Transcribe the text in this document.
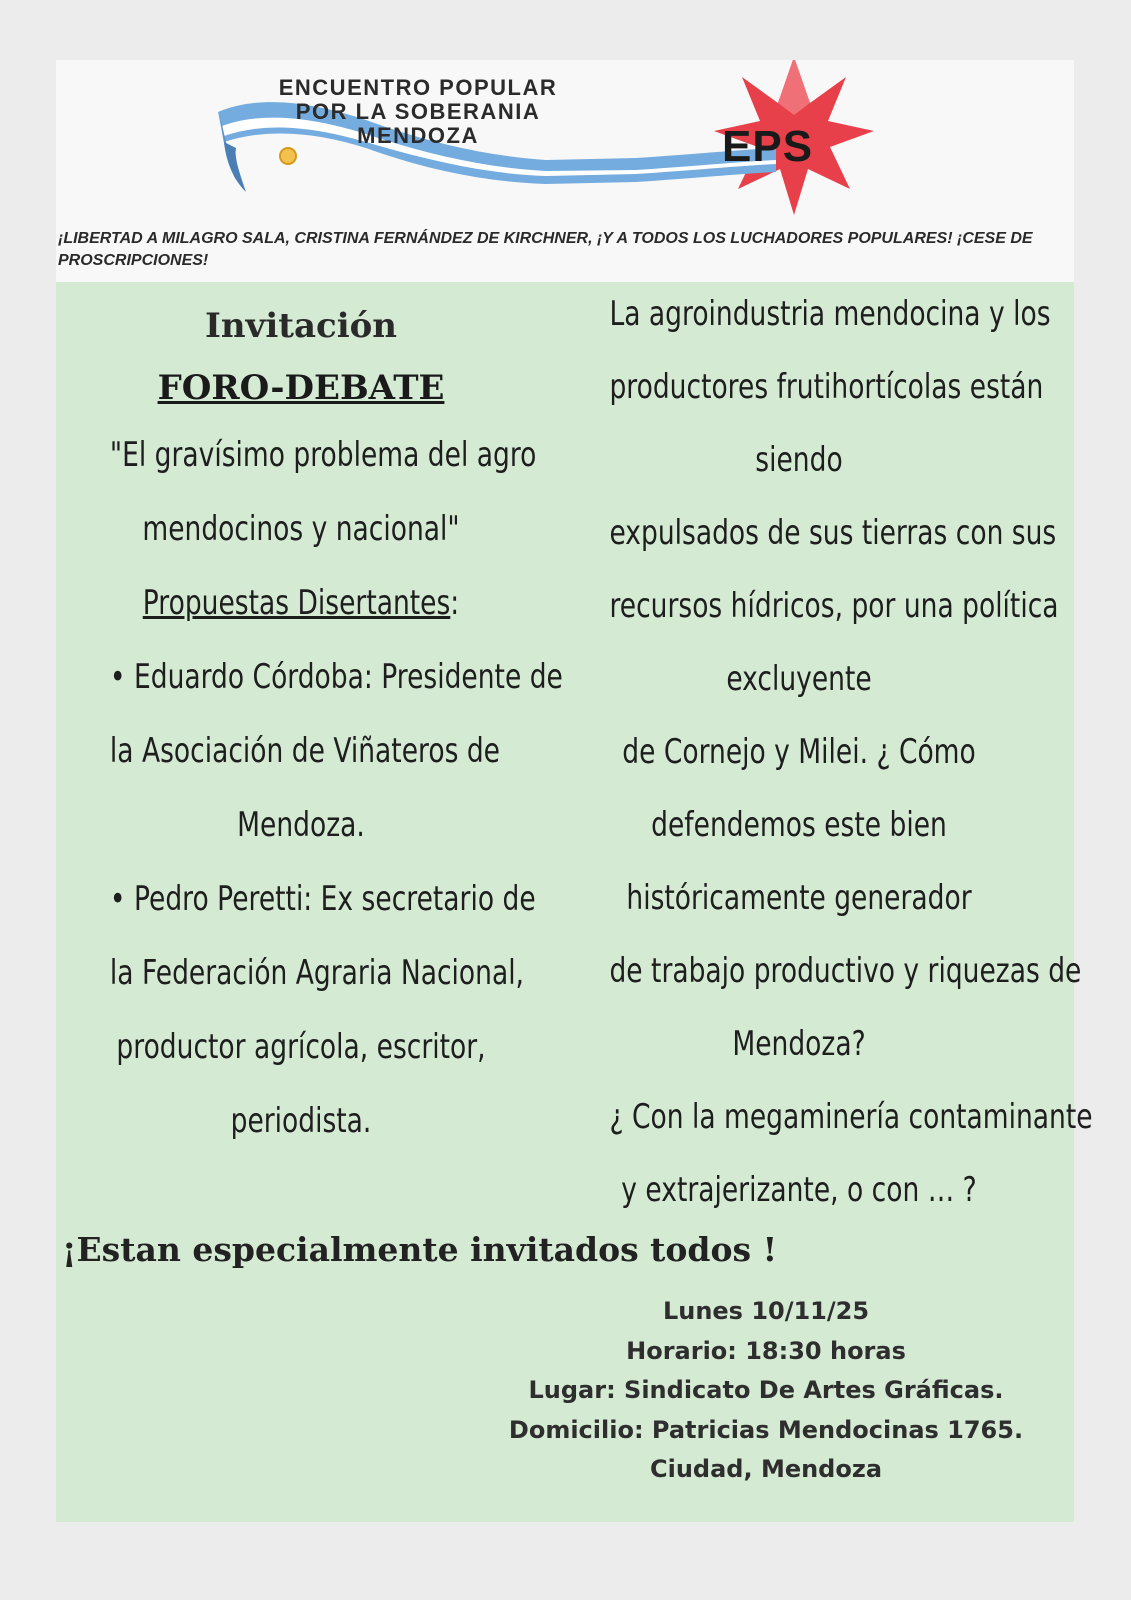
ENCUENTRO POPULAR
POR LA SOBERANIA
MENDOZA	EPS
¡LIBERTAD A MILAGRO SALA, CRISTINA FERNÁNDEZ DE KIRCHNER, ¡Y A TODOS LOS LUCHADORES POPULARES! ¡CESE DE PROSCRIPCIONES!
Invitación
FORO-DEBATE
"El gravísimo problema del agro
mendocinos y nacional"
Propuestas Disertantes:
• Eduardo Córdoba: Presidente de
la Asociación de Viñateros de
Mendoza.
• Pedro Peretti: Ex secretario de
la Federación Agraria Nacional,
productor agrícola, escritor,
periodista.
La agroindustria mendocina y los
productores frutihortícolas están
siendo
expulsados de sus tierras con sus
recursos hídricos, por una política
excluyente
de Cornejo y Milei. ¿ Cómo
defendemos este bien
históricamente generador
de trabajo productivo y riquezas de
Mendoza?
¿ Con la megaminería contaminante
y extrajerizante, o con … ?
¡Estan especialmente invitados todos !
Lunes 10/11/25
Horario: 18:30 horas
Lugar: Sindicato De Artes Gráficas.
Domicilio: Patricias Mendocinas 1765.
Ciudad, Mendoza
